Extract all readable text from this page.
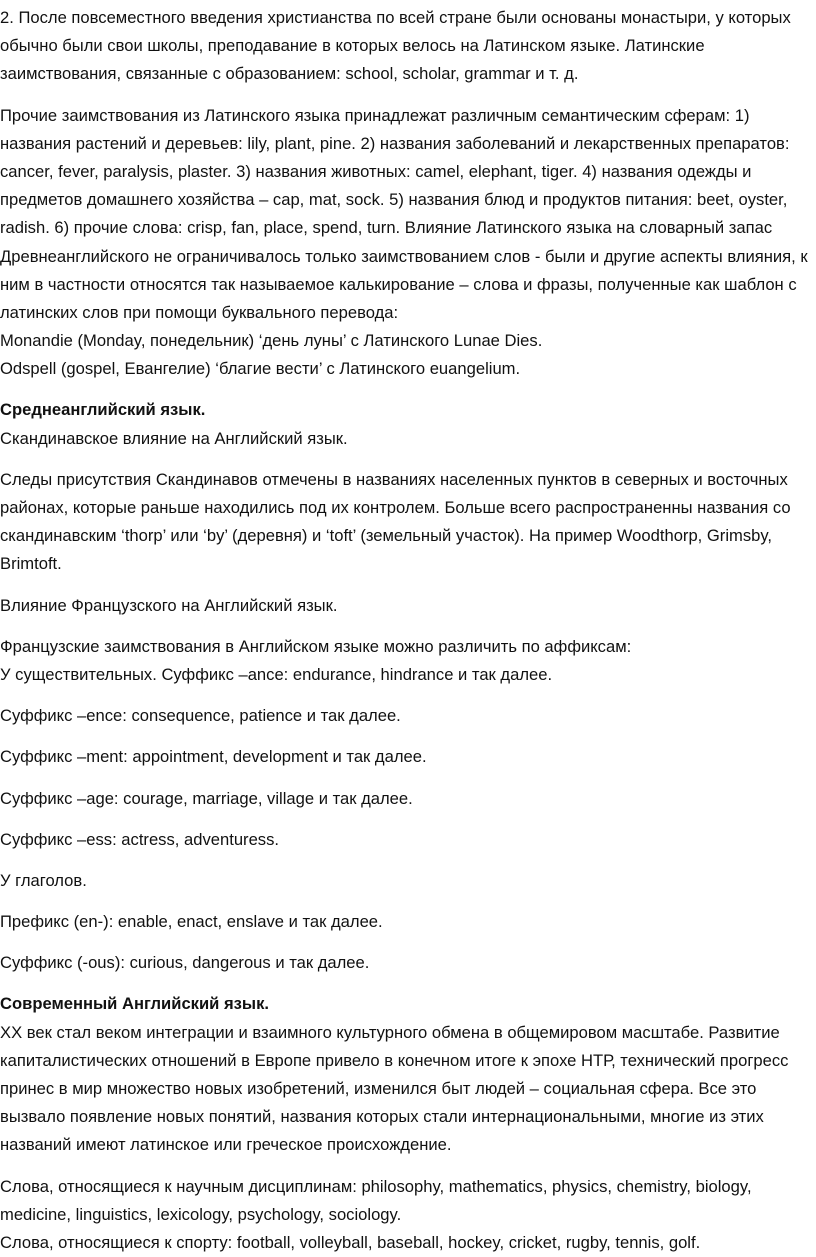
2. После повсеместного введения христианства по всей стране были основаны монастыри, у которых
обычно были свои школы, преподавание в которых велось на Латинском языке. Латинские
заимствования, связанные с образованием: school, scholar, grammar и т. д.
Прочие заимствования из Латинского языка принадлежат различным семантическим сферам: 1)
названия растений и деревьев: lily, plant, pine. 2) названия заболеваний и лекарственных препаратов:
cancer, fever, paralysis, plaster. 3) названия животных: camel, elephant, tiger. 4) названия одежды и
предметов домашнего хозяйства – cap, mat, sock. 5) названия блюд и продуктов питания: beet, oyster,
radish. 6) прочие слова: crisp, fan, place, spend, turn. Влияние Латинского языка на словарный запас
Древнеанглийского не ограничивалось только заимствованием слов - были и другие аспекты влияния, к
ним в частности относятся так называемое калькирование – слова и фразы, полученные как шаблон с
латинских слов при помощи буквального перевода:
Monandie (Monday, понедельник) ‘день луны’ с Латинского Lunae Dies.
Odspell (gospel, Евангелие) ‘благие вести’ с Латинского euangelium.
Среднеанглийский язык.
Скандинавское влияние на Английский язык.
Следы присутствия Скандинавов отмечены в названиях населенных пунктов в северных и восточных
районах, которые раньше находились под их контролем. Больше всего распространенны названия со
скандинавским ‘thorp’ или ‘by’ (деревня) и ‘toft’ (земельный участок). На пример Woodthorp, Grimsby,
Brimtoft.
Влияние Французского на Английский язык.
Французские заимствования в Английском языке можно различить по аффиксам:
У существительных. Суффикс –ance: endurance, hindrance и так далее.
Суффикс –ence: consequence, patience и так далее.
Суффикс –ment: appointment, development и так далее.
Суффикс –age: courage, marriage, village и так далее.
Суффикс –ess: actress, adventuress.
У глаголов.
Префикс (en-): enable, enact, enslave и так далее.
Суффикс (-ous): curious, dangerous и так далее.
Современный Английский язык.
XX век стал веком интеграции и взаимного культурного обмена в общемировом масштабе. Развитие
капиталистических отношений в Европе привело в конечном итоге к эпохе НТР, технический прогресс
принес в мир множество новых изобретений, изменился быт людей – социальная сфера. Все это
вызвало появление новых понятий, названия которых стали интернациональными, многие из этих
названий имеют латинское или греческое происхождение.
Слова, относящиеся к научным дисциплинам: philosophy, mathematics, physics, chemistry, biology,
medicine, linguistics, lexicology, psychology, sociology.
Слова, относящиеся к спорту: football, volleyball, baseball, hockey, cricket, rugby, tennis, golf.
